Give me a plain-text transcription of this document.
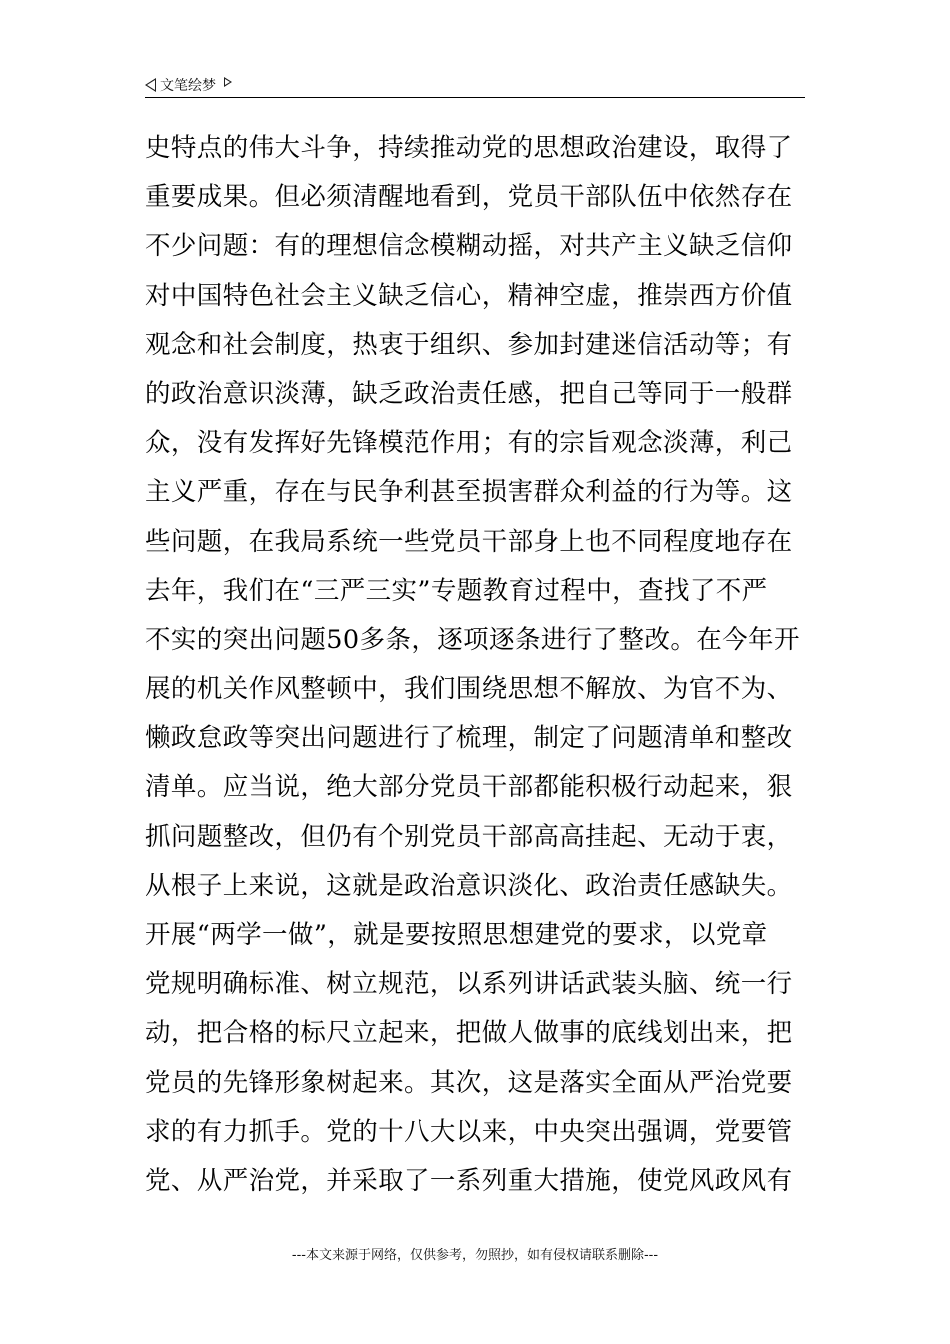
文笔绘梦
史特点的伟大斗争，持续推动党的思想政治建设，取得了
重要成果。但必须清醒地看到，党员干部队伍中依然存在
不少问题：有的理想信念模糊动摇，对共产主义缺乏信仰
对中国特色社会主义缺乏信心，精神空虚，推崇西方价值
观念和社会制度，热衷于组织、参加封建迷信活动等；有
的政治意识淡薄，缺乏政治责任感，把自己等同于一般群
众，没有发挥好先锋模范作用；有的宗旨观念淡薄，利己
主义严重，存在与民争利甚至损害群众利益的行为等。这
些问题，在我局系统一些党员干部身上也不同程度地存在
去年，我们在“三严三实”专题教育过程中，查找了不严
不实的突出问题50多条，逐项逐条进行了整改。在今年开
展的机关作风整顿中，我们围绕思想不解放、为官不为、
懒政怠政等突出问题进行了梳理，制定了问题清单和整改
清单。应当说，绝大部分党员干部都能积极行动起来，狠
抓问题整改，但仍有个别党员干部高高挂起、无动于衷，
从根子上来说，这就是政治意识淡化、政治责任感缺失。
开展“两学一做”，就是要按照思想建党的要求，以党章
党规明确标准、树立规范，以系列讲话武装头脑、统一行
动，把合格的标尺立起来，把做人做事的底线划出来，把
党员的先锋形象树起来。其次，这是落实全面从严治党要
求的有力抓手。党的十八大以来，中央突出强调，党要管
党、从严治党，并采取了一系列重大措施，使党风政风有
---本文来源于网络，仅供参考，勿照抄，如有侵权请联系删除---
